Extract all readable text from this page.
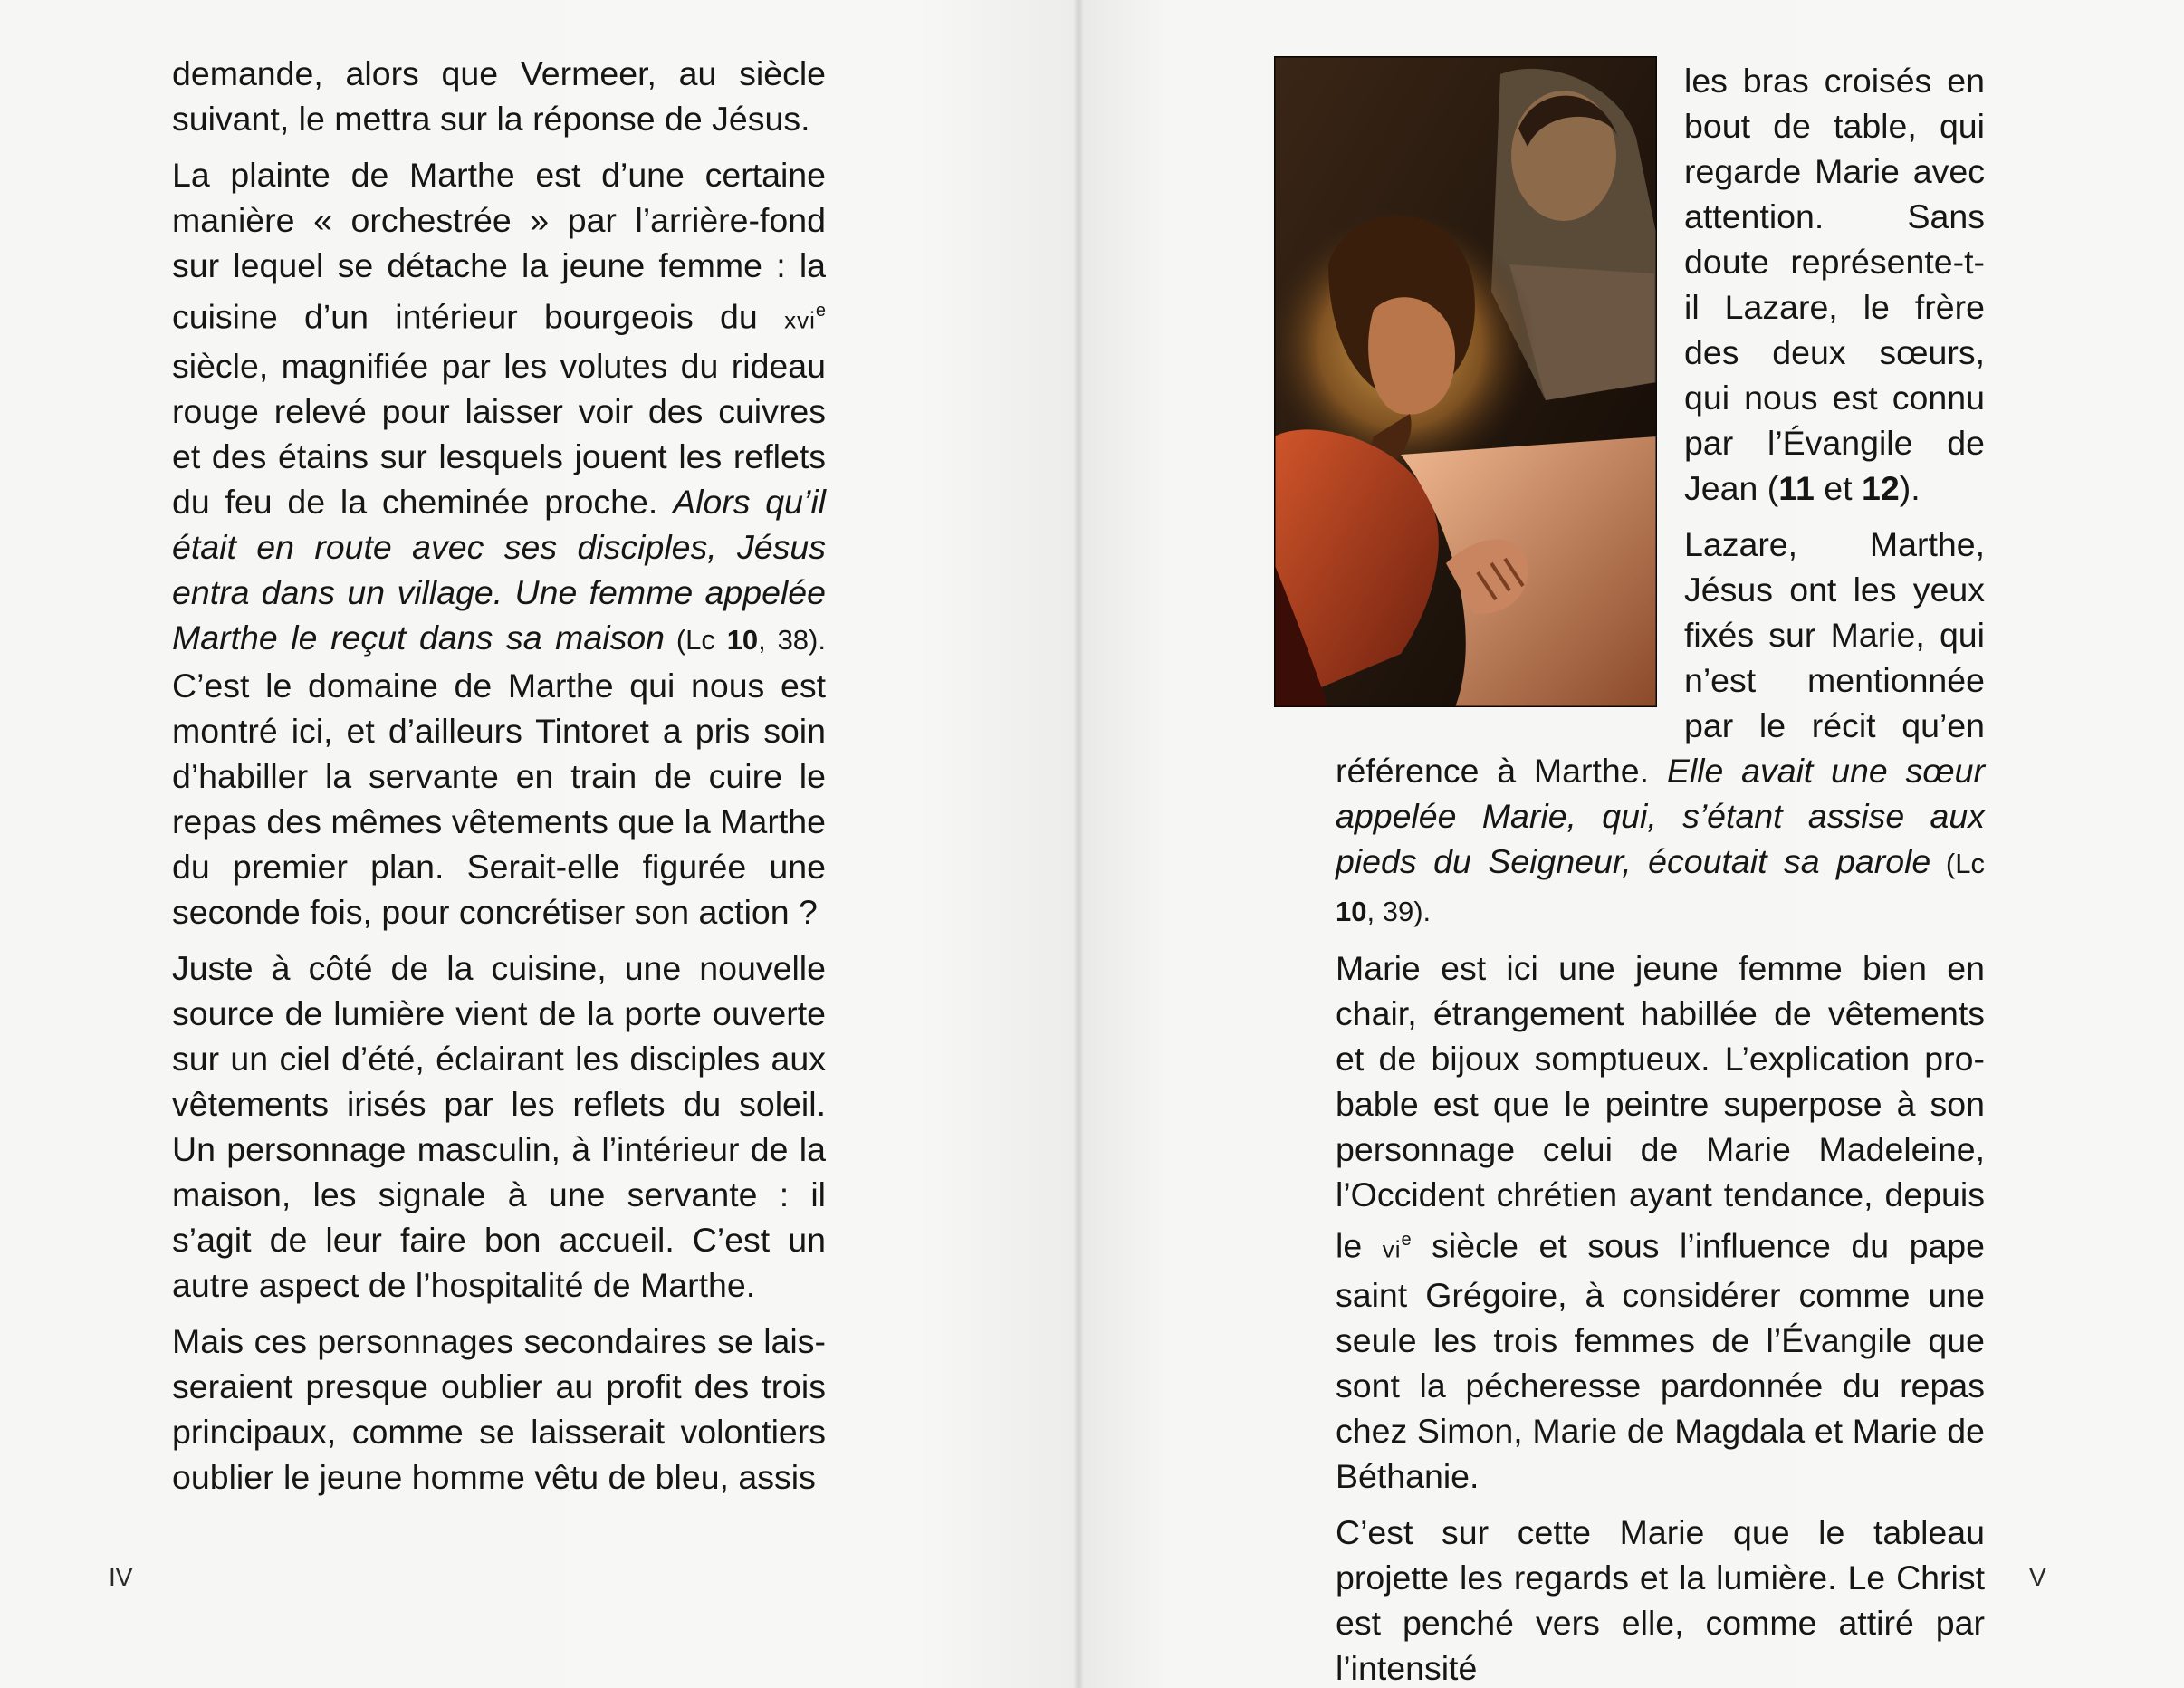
demande, alors que Vermeer, au siècle suivant, le mettra sur la réponse de Jésus.

La plainte de Marthe est d’une certaine manière « orchestrée » par l’arrière-fond sur lequel se détache la jeune femme : la cuisine d’un intérieur bourgeois du xvi$^e$ siècle, magnifiée par les volutes du rideau rouge relevé pour laisser voir des cuivres et des étains sur lesquels jouent les reflets du feu de la cheminée proche. Alors qu’il était en route avec ses disciples, Jésus entra dans un village. Une femme appelée Marthe le reçut dans sa maison (Lc 10, 38). C’est le domaine de Marthe qui nous est montré ici, et d’ailleurs Tintoret a pris soin d’habiller la servante en train de cuire le repas des mêmes vêtements que la Marthe du premier plan. Serait-elle figurée une seconde fois, pour concrétiser son action ?

Juste à côté de la cuisine, une nouvelle source de lumière vient de la porte ouverte sur un ciel d’été, éclairant les disciples aux vêtements irisés par les reflets du soleil. Un personnage masculin, à l’intérieur de la maison, les signale à une servante : il s’agit de leur faire bon accueil. C’est un autre aspect de l’hospitalité de Marthe.

Mais ces personnages secondaires se laisseraient presque oublier au profit des trois principaux, comme se laisserait volontiers oublier le jeune homme vêtu de bleu, assis

IV

les bras croisés en bout de table, qui regarde Marie avec attention. Sans doute représente-t-il Lazare, le frère des deux sœurs, qui nous est connu par l’Évangile de Jean (11 et 12).

Lazare, Marthe, Jésus ont les yeux fixés sur Marie, qui n’est mentionnée par le récit qu’en référence à Marthe. Elle avait une sœur appelée Marie, qui, s’étant assise aux pieds du Seigneur, écoutait sa parole (Lc 10, 39).

Marie est ici une jeune femme bien en chair, étrangement habillée de vêtements et de bijoux somptueux. L’explication probable est que le peintre superpose à son personnage celui de Marie Madeleine, l’Occident chrétien ayant tendance, depuis le $vi^e$ siècle et sous l’influence du pape saint Grégoire, à considérer comme une seule les trois femmes de l’Évangile que sont la pécheresse pardonnée du repas chez Simon, Marie de Magdala et Marie de Béthanie.

C’est sur cette Marie que le tableau projette les regards et la lumière. Le Christ est penché vers elle, comme attiré par l’intensité

V
